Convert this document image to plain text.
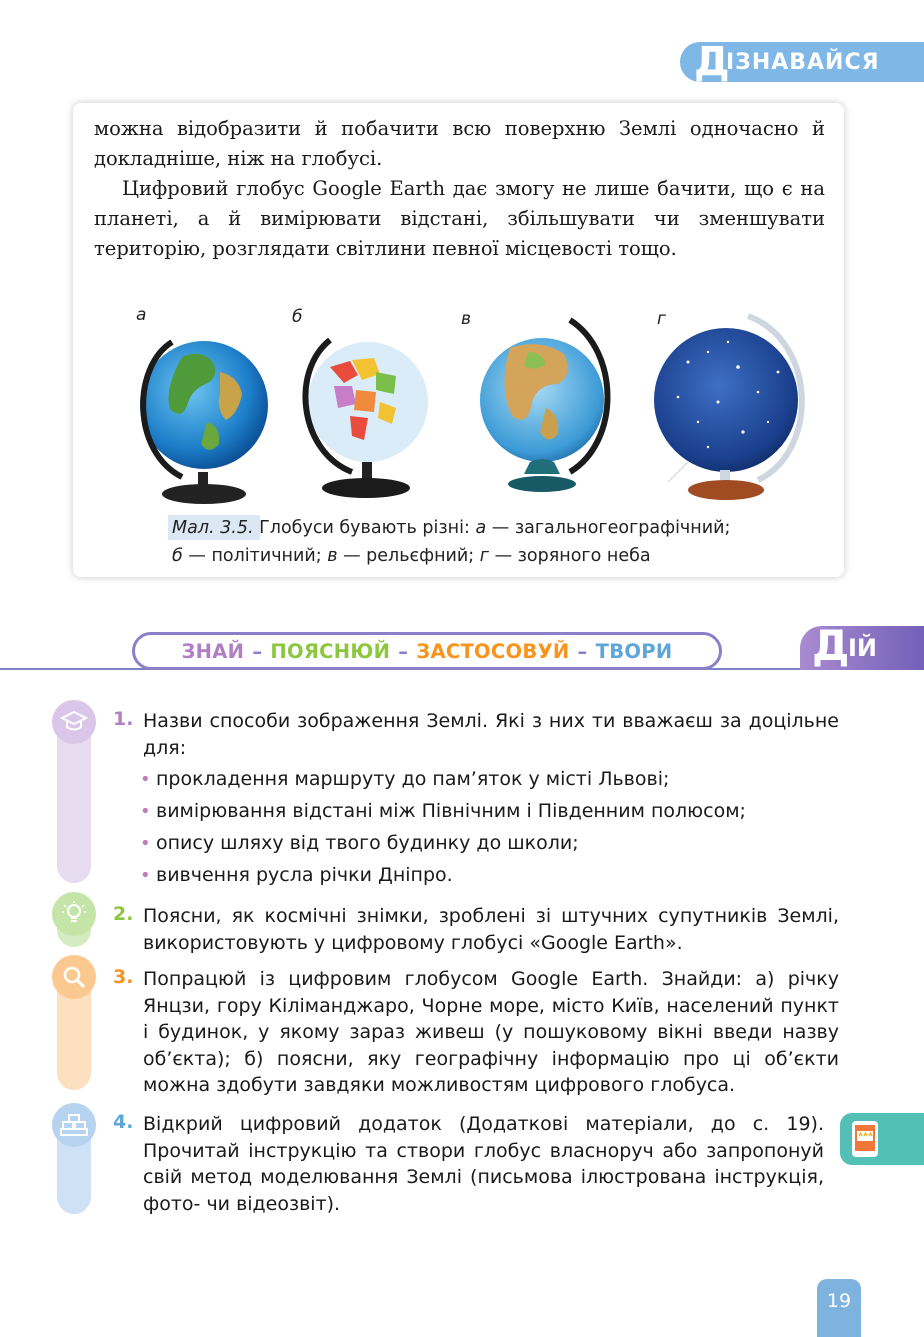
Д
ІЗНАВАЙСЯ
можна відобразити й побачити всю поверхню Землі одночасно й докладніше, ніж на глобусі.
Цифровий глобус Google Earth дає змогу не лише бачити, що є на планеті, а й вимірювати відстані, збільшувати чи зменшувати територію, розглядати світлини певної місцевості тощо.
а	б	в	г
Мал. 3.5. Глобуси бувають різні: а — загальногеографічний;
б — політичний; в — рельєфний; г — зоряного неба
ЗНАЙ – ПОЯСНЮЙ – ЗАСТОСОВУЙ – ТВОРИ	Д
ІЙ
1. Назви способи зображення Землі. Які з них ти вважаєш за доцільне для:
• прокладення маршруту до пам’яток у місті Львові;
• вимірювання відстані між Північним і Південним полюсом;
• опису шляху від твого будинку до школи;
• вивчення русла річки Дніпро.
2. Поясни, як космічні знімки, зроблені зі штучних супутників Землі, використовують у цифровому глобусі «Google Earth».
3. Попрацюй із цифровим глобусом Google Earth. Знайди: а) річку Янцзи, гору Кіліманджаро, Чорне море, місто Київ, населений пункт і будинок, у якому зараз живеш (у пошуковому вікні введи назву об’єкта); б) поясни, яку географічну інформацію про ці об’єкти можна здобути завдяки можливостям цифрового глобуса.
4. Відкрий цифровий додаток (Додаткові матеріали, до с. 19). Прочитай інструкцію та створи глобус власноруч або запропонуй свій метод моделювання Землі (письмова ілюстрована інструкція, фото- чи відеозвіт).
19
